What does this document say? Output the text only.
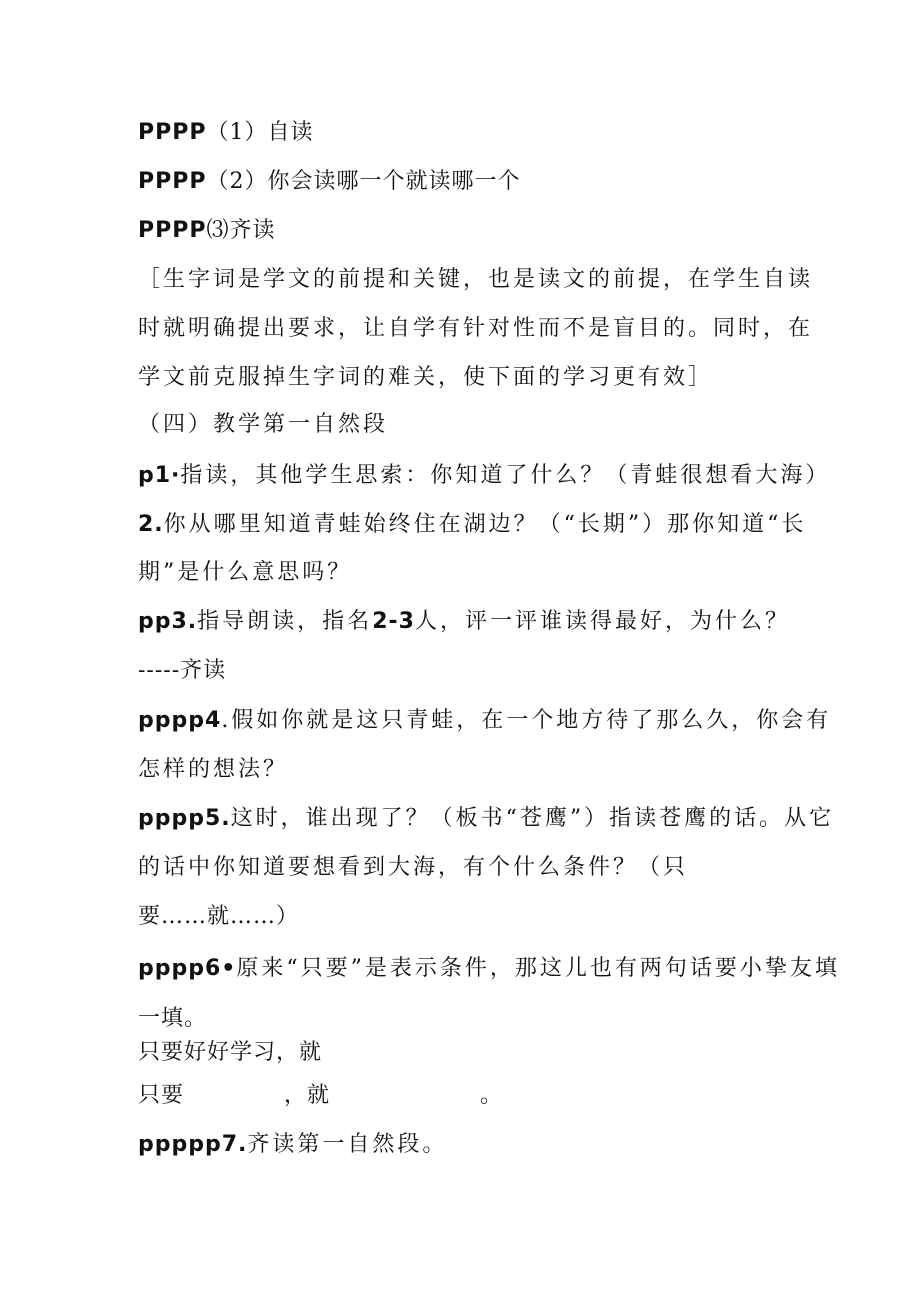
PPPP（1）自读
PPPP（2）你会读哪一个就读哪一个
PPPP⑶齐读
［生字词是学文的前提和关键，也是读文的前提，在学生自读
时就明确提出要求，让自学有针对性而不是盲目的。同时，在
学文前克服掉生字词的难关，使下面的学习更有效］
（四）教学第一自然段
p1·指读，其他学生思索：你知道了什么？（青蛙很想看大海）
2.你从哪里知道青蛙始终住在湖边？（“长期”）那你知道“长
期”是什么意思吗？
pp3.指导朗读，指名2-3人，评一评谁读得最好，为什么？
-----齐读
pppp4.假如你就是这只青蛙，在一个地方待了那么久，你会有
怎样的想法？
pppp5.这时，谁出现了？（板书“苍鹰”）指读苍鹰的话。从它
的话中你知道要想看到大海，有个什么条件？（只
要……就……）
pppp6•原来“只要”是表示条件，那这儿也有两句话要小挚友填
一填。
只要好好学习，就
只要	，就	。
ppppp7.齐读第一自然段。
